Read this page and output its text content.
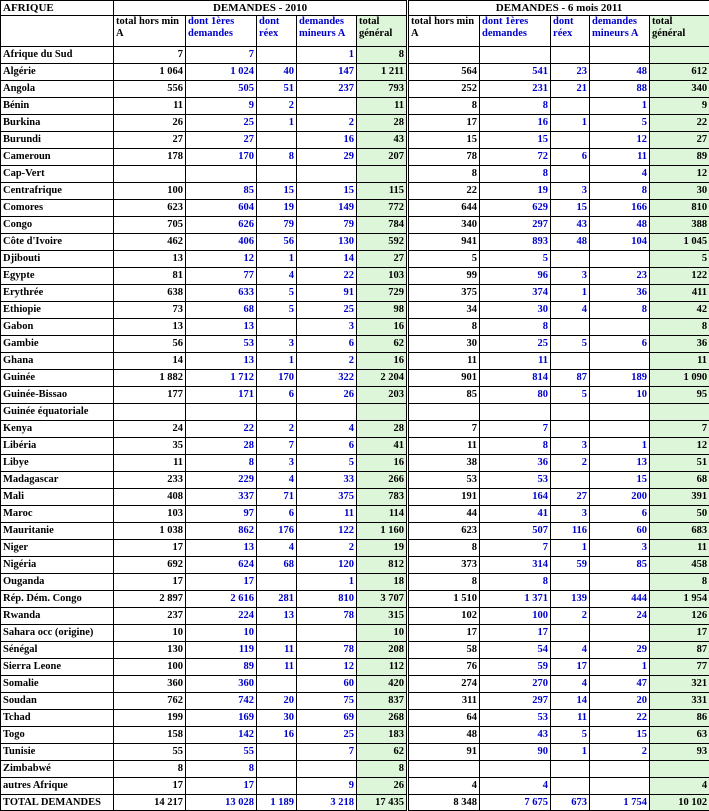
AFRIQUE	DEMANDES - 2010					DEMANDES - 6 mois 2011				
	total hors min A	dont 1ères demandes	dont réex	demandes mineurs A	total général	total hors min A	dont 1ères demandes	dont réex	demandes mineurs A	total général
Afrique du Sud	7	7		1	8					
Algérie	1 064	1 024	40	147	1 211	564	541	23	48	612
Angola	556	505	51	237	793	252	231	21	88	340
Bénin	11	9	2		11	8	8		1	9
Burkina	26	25	1	2	28	17	16	1	5	22
Burundi	27	27		16	43	15	15		12	27
Cameroun	178	170	8	29	207	78	72	6	11	89
Cap-Vert						8	8		4	12
Centrafrique	100	85	15	15	115	22	19	3	8	30
Comores	623	604	19	149	772	644	629	15	166	810
Congo	705	626	79	79	784	340	297	43	48	388
Côte d'Ivoire	462	406	56	130	592	941	893	48	104	1 045
Djibouti	13	12	1	14	27	5	5			5
Egypte	81	77	4	22	103	99	96	3	23	122
Erythrée	638	633	5	91	729	375	374	1	36	411
Ethiopie	73	68	5	25	98	34	30	4	8	42
Gabon	13	13		3	16	8	8			8
Gambie	56	53	3	6	62	30	25	5	6	36
Ghana	14	13	1	2	16	11	11			11
Guinée	1 882	1 712	170	322	2 204	901	814	87	189	1 090
Guinée-Bissao	177	171	6	26	203	85	80	5	10	95
Guinée équatoriale										
Kenya	24	22	2	4	28	7	7			7
Libéria	35	28	7	6	41	11	8	3	1	12
Libye	11	8	3	5	16	38	36	2	13	51
Madagascar	233	229	4	33	266	53	53		15	68
Mali	408	337	71	375	783	191	164	27	200	391
Maroc	103	97	6	11	114	44	41	3	6	50
Mauritanie	1 038	862	176	122	1 160	623	507	116	60	683
Niger	17	13	4	2	19	8	7	1	3	11
Nigéria	692	624	68	120	812	373	314	59	85	458
Ouganda	17	17		1	18	8	8			8
Rép. Dém. Congo	2 897	2 616	281	810	3 707	1 510	1 371	139	444	1 954
Rwanda	237	224	13	78	315	102	100	2	24	126
Sahara occ (origine)	10	10			10	17	17			17
Sénégal	130	119	11	78	208	58	54	4	29	87
Sierra Leone	100	89	11	12	112	76	59	17	1	77
Somalie	360	360		60	420	274	270	4	47	321
Soudan	762	742	20	75	837	311	297	14	20	331
Tchad	199	169	30	69	268	64	53	11	22	86
Togo	158	142	16	25	183	48	43	5	15	63
Tunisie	55	55		7	62	91	90	1	2	93
Zimbabwé	8	8			8					
autres Afrique	17	17		9	26	4	4			4
TOTAL DEMANDES	14 217	13 028	1 189	3 218	17 435	8 348	7 675	673	1 754	10 102
